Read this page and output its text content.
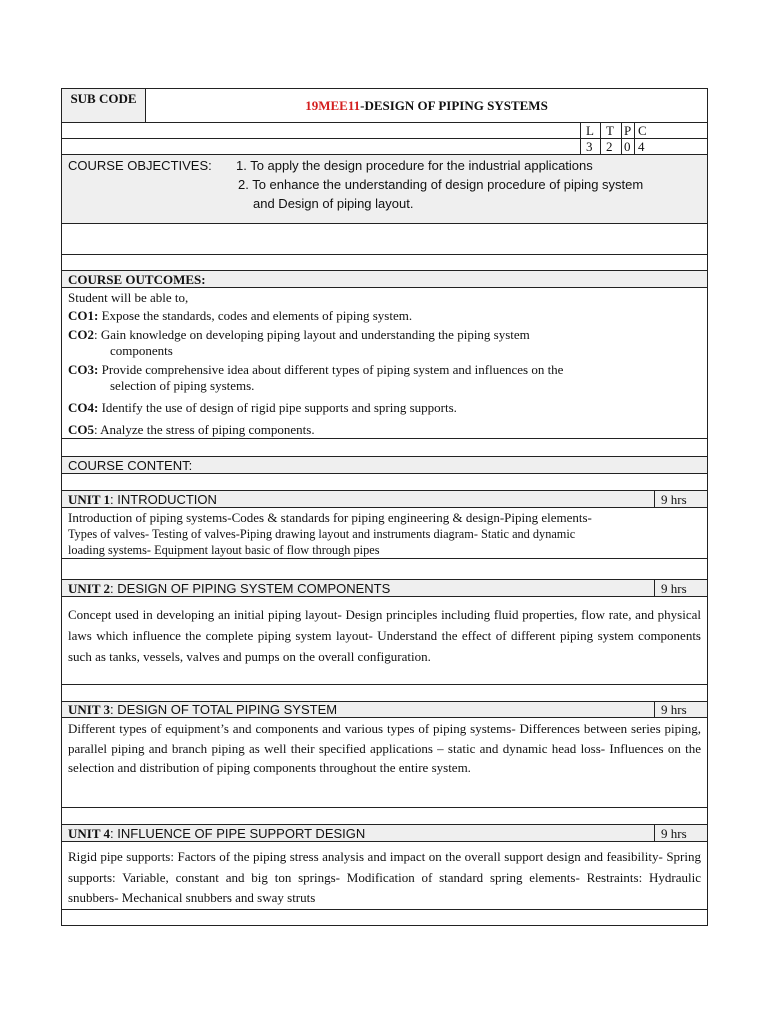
SUB CODE	19MEE11-DESIGN OF PIPING SYSTEMS
L T P C
3	2 0 4
COURSE OBJECTIVES: 1. To apply the design procedure for the industrial applications
2. To enhance the understanding of design procedure of piping system
and Design of piping layout.
COURSE OUTCOMES:
Student will be able to,
CO1: Expose the standards, codes and elements of piping system.
CO2: Gain knowledge on developing piping layout and understanding the piping system
components
CO3: Provide comprehensive idea about different types of piping system and influences on the
selection of piping systems.
CO4: Identify the use of design of rigid pipe supports and spring supports.
CO5: Analyze the stress of piping components.
COURSE CONTENT:
UNIT 1: INTRODUCTION	9 hrs
Introduction of piping systems-Codes & standards for piping engineering & design-Piping elements-
Types of valves- Testing of valves-Piping drawing layout and instruments diagram- Static and dynamic
loading systems- Equipment layout basic of flow through pipes
UNIT 2: DESIGN OF PIPING SYSTEM COMPONENTS	9 hrs
Concept used in developing an initial piping layout- Design principles including fluid properties, flow rate, and physical laws which influence the complete piping system layout- Understand the effect of different piping system components such as tanks, vessels, valves and pumps on the overall configuration.
UNIT 3: DESIGN OF TOTAL PIPING SYSTEM	9 hrs
Different types of equipment’s and components and various types of piping systems- Differences between series piping, parallel piping and branch piping as well their specified applications – static and dynamic head loss- Influences on the selection and distribution of piping components throughout the entire system.
UNIT 4: INFLUENCE OF PIPE SUPPORT DESIGN	9 hrs
Rigid pipe supports: Factors of the piping stress analysis and impact on the overall support design and feasibility- Spring supports: Variable, constant and big ton springs- Modification of standard spring elements- Restraints: Hydraulic snubbers- Mechanical snubbers and sway struts
